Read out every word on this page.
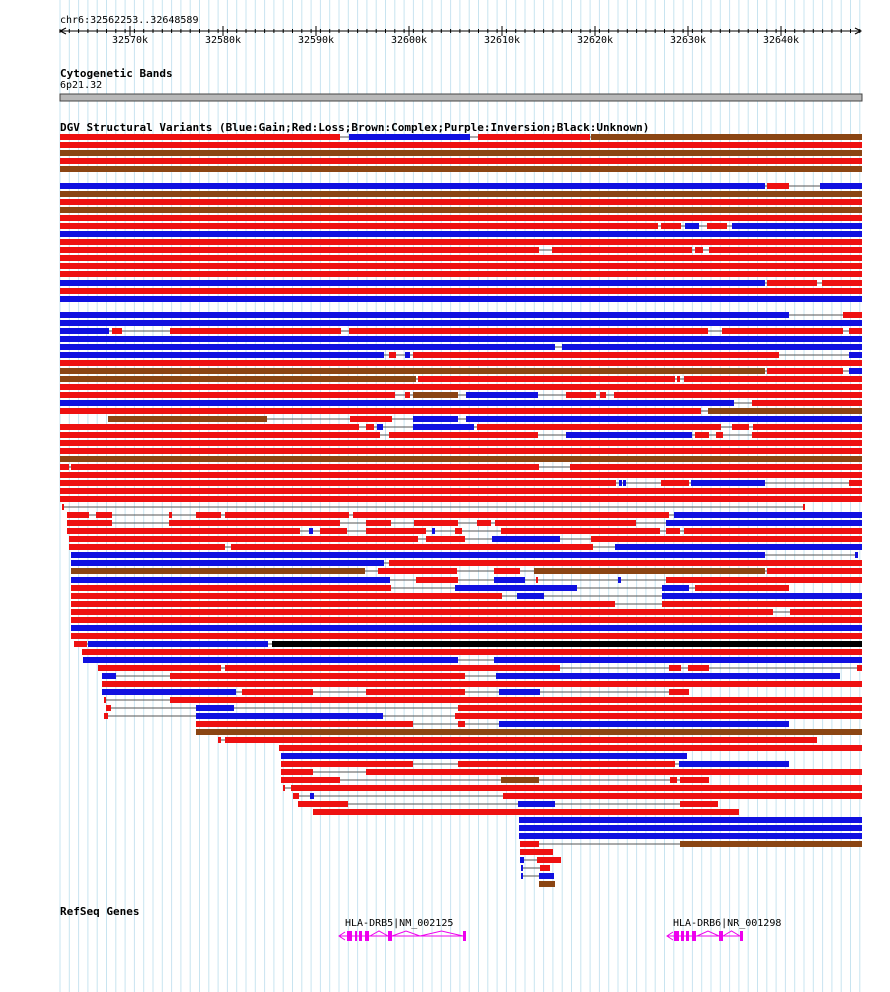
chr6:32562253..32648589
32570k	32580k	32590k	32600k	32610k	32620k	32630k	32640k
Cytogenetic Bands
6p21.32
DGV Structural Variants (Blue:Gain;Red:Loss;Brown:Complex;Purple:Inversion;Black:Unknown)
RefSeq Genes
HLA-DRB5|NM_002125	HLA-DRB6|NR_001298
